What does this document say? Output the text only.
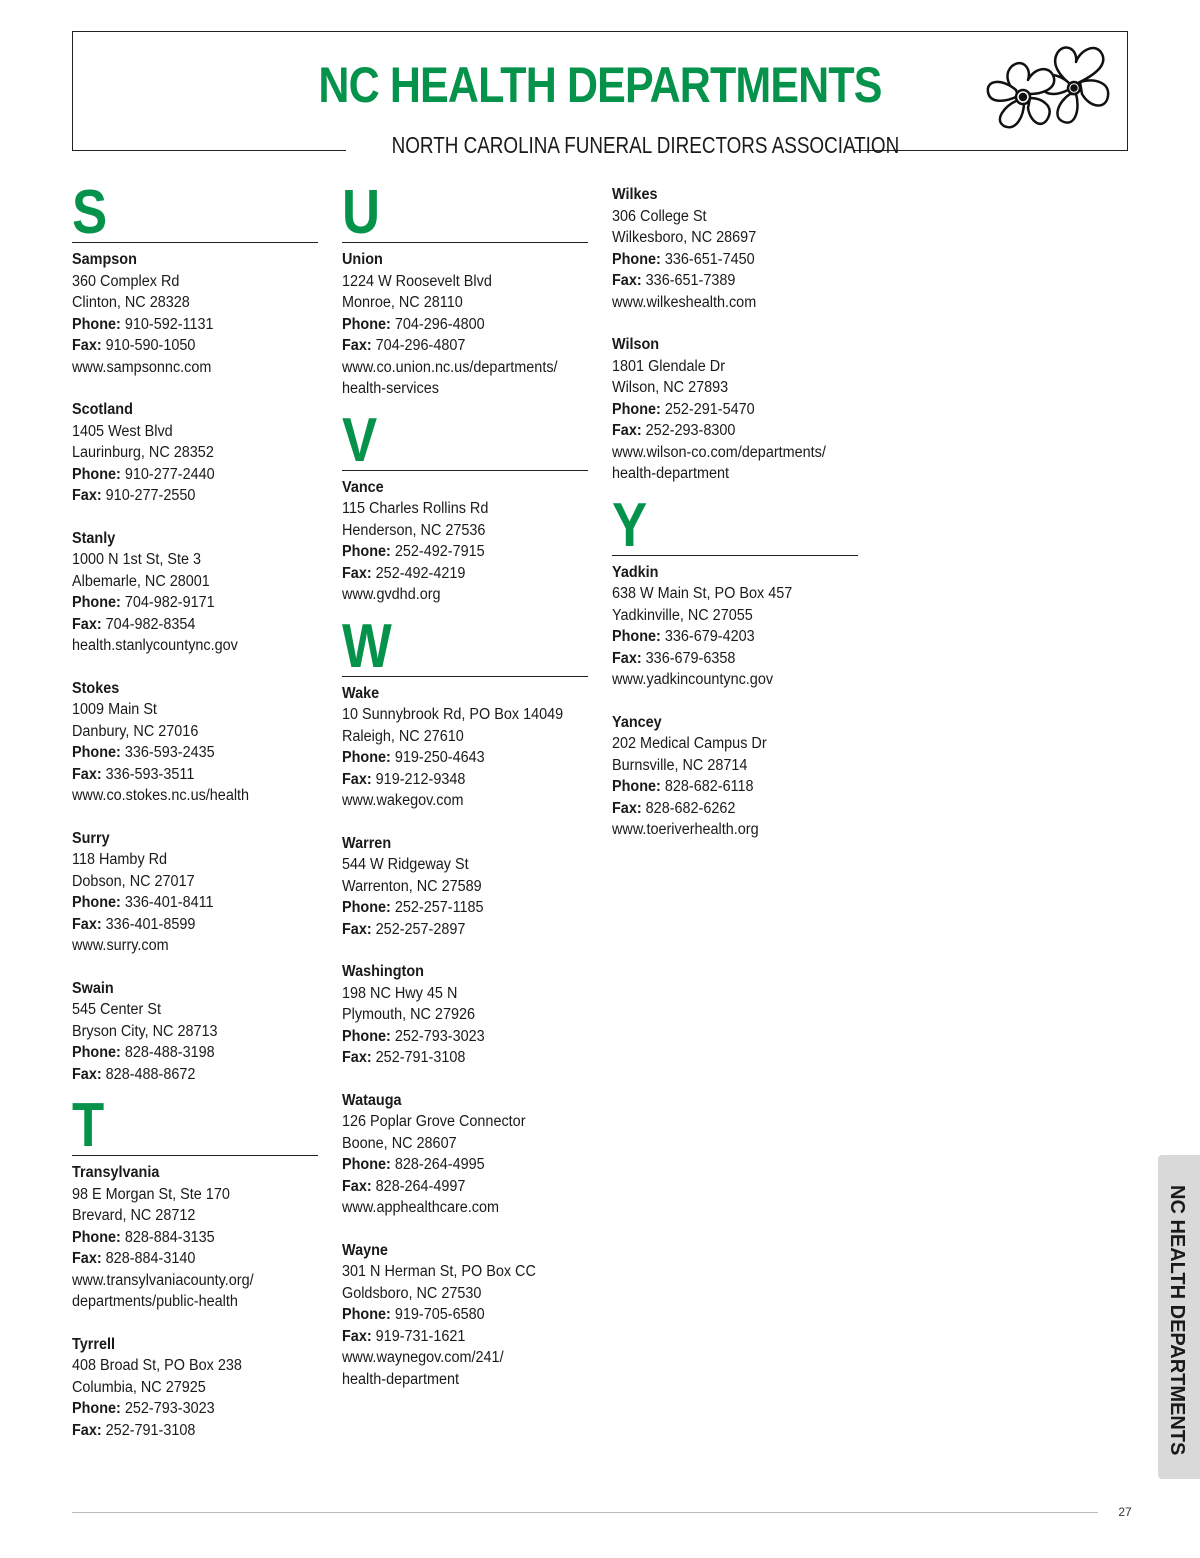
NC HEALTH DEPARTMENTS
NORTH CAROLINA FUNERAL DIRECTORS ASSOCIATION
S
Sampson
360 Complex Rd
Clinton, NC 28328
Phone: 910-592-1131
Fax: 910-590-1050
www.sampsonnc.com
Scotland
1405 West Blvd
Laurinburg, NC 28352
Phone: 910-277-2440
Fax: 910-277-2550
Stanly
1000 N 1st St, Ste 3
Albemarle, NC 28001
Phone: 704-982-9171
Fax: 704-982-8354
health.stanlycountync.gov
Stokes
1009 Main St
Danbury, NC 27016
Phone: 336-593-2435
Fax: 336-593-3511
www.co.stokes.nc.us/health
Surry
118 Hamby Rd
Dobson, NC 27017
Phone: 336-401-8411
Fax: 336-401-8599
www.surry.com
Swain
545 Center St
Bryson City, NC 28713
Phone: 828-488-3198
Fax: 828-488-8672
T
Transylvania
98 E Morgan St, Ste 170
Brevard, NC 28712
Phone: 828-884-3135
Fax: 828-884-3140
www.transylvaniacounty.org/
departments/public-health
Tyrrell
408 Broad St, PO Box 238
Columbia, NC 27925
Phone: 252-793-3023
Fax: 252-791-3108
U
Union
1224 W Roosevelt Blvd
Monroe, NC 28110
Phone: 704-296-4800
Fax: 704-296-4807
www.co.union.nc.us/departments/
health-services
V
Vance
115 Charles Rollins Rd
Henderson, NC 27536
Phone: 252-492-7915
Fax: 252-492-4219
www.gvdhd.org
W
Wake
10 Sunnybrook Rd, PO Box 14049
Raleigh, NC 27610
Phone: 919-250-4643
Fax: 919-212-9348
www.wakegov.com
Warren
544 W Ridgeway St
Warrenton, NC 27589
Phone: 252-257-1185
Fax: 252-257-2897
Washington
198 NC Hwy 45 N
Plymouth, NC 27926
Phone: 252-793-3023
Fax: 252-791-3108
Watauga
126 Poplar Grove Connector
Boone, NC 28607
Phone: 828-264-4995
Fax: 828-264-4997
www.apphealthcare.com
Wayne
301 N Herman St, PO Box CC
Goldsboro, NC 27530
Phone: 919-705-6580
Fax: 919-731-1621
www.waynegov.com/241/
health-department
Wilkes
306 College St
Wilkesboro, NC 28697
Phone: 336-651-7450
Fax: 336-651-7389
www.wilkeshealth.com
Wilson
1801 Glendale Dr
Wilson, NC 27893
Phone: 252-291-5470
Fax: 252-293-8300
www.wilson-co.com/departments/
health-department
Y
Yadkin
638 W Main St, PO Box 457
Yadkinville, NC 27055
Phone: 336-679-4203
Fax: 336-679-6358
www.yadkincountync.gov
Yancey
202 Medical Campus Dr
Burnsville, NC 28714
Phone: 828-682-6118
Fax: 828-682-6262
www.toeriverhealth.org
NC HEALTH DEPARTMENTS
27
